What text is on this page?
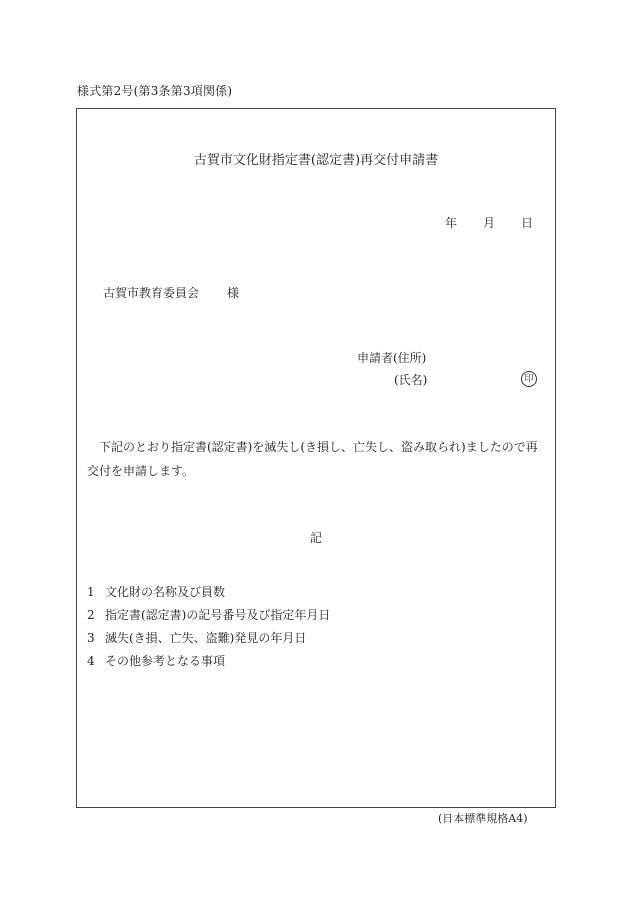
様式第2号(第3条第3項関係)
古賀市文化財指定書(認定書)再交付申請書
年 月 日
古賀市教育委員会 様
申請者(住所)
(氏名)	印
下記のとおり指定書(認定書)を滅失し(き損し、亡失し、盗み取られ)ましたので再交付を申請します。
記
1 文化財の名称及び員数
2 指定書(認定書)の記号番号及び指定年月日
3 滅失(き損、亡失、盗難)発見の年月日
4 その他参考となる事項
(日本標準規格A4)
